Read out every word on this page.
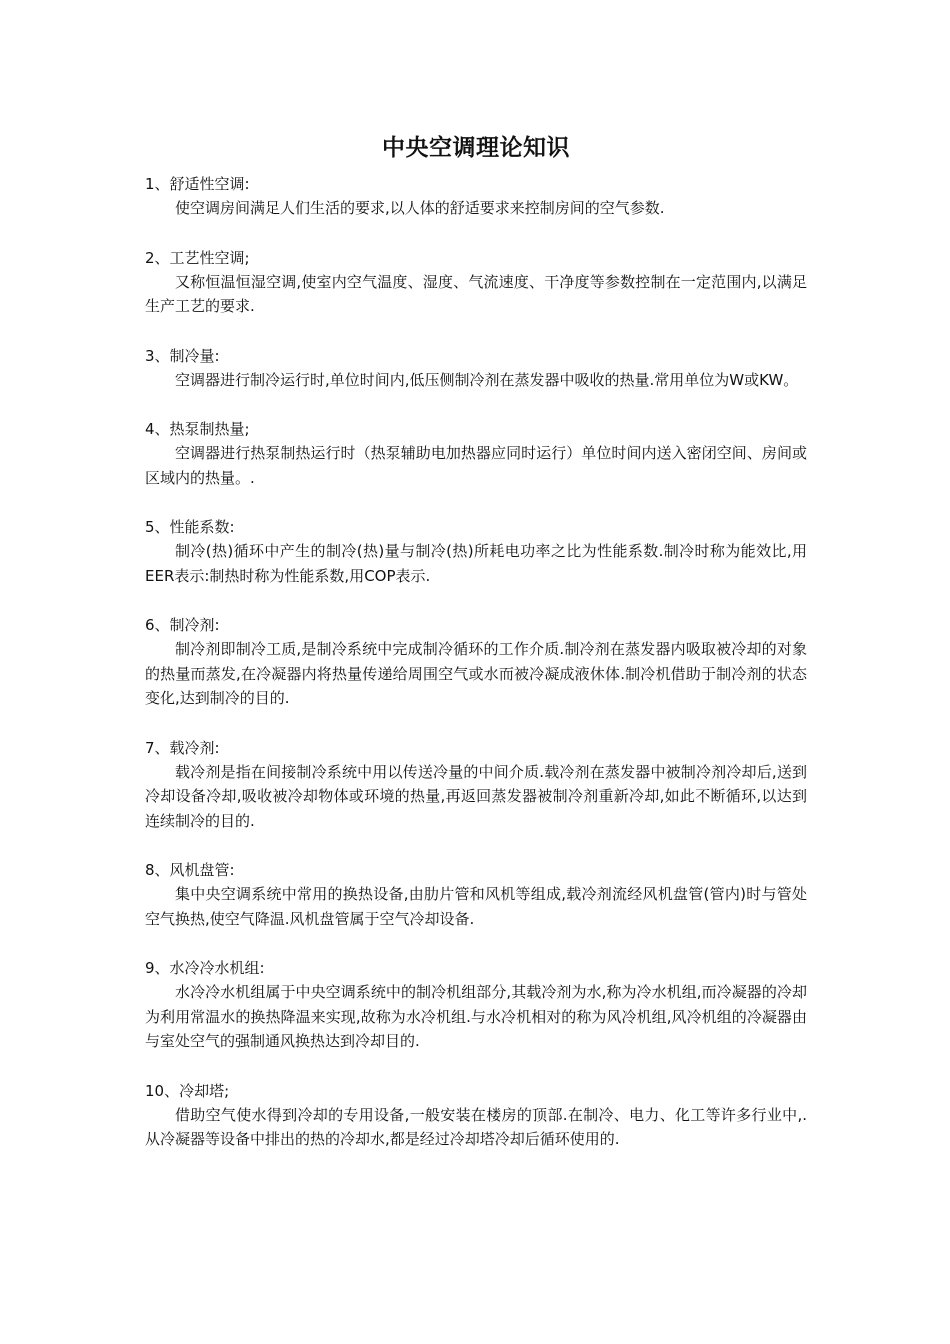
中央空调理论知识
1、舒适性空调:
使空调房间满足人们生活的要求,以人体的舒适要求来控制房间的空气参数.
2、工艺性空调;
又称恒温恒湿空调,使室内空气温度、湿度、气流速度、干净度等参数控制在一定范围内,以满足生产工艺的要求.
3、制冷量:
空调器进行制冷运行时,单位时间内,低压侧制冷剂在蒸发器中吸收的热量.常用单位为W或KW。
4、热泵制热量;
空调器进行热泵制热运行时（热泵辅助电加热器应同时运行）单位时间内送入密闭空间、房间或区域内的热量。.
5、性能系数:
制冷(热)循环中产生的制冷(热)量与制冷(热)所耗电功率之比为性能系数.制冷时称为能效比,用EER表示:制热时称为性能系数,用COP表示.
6、制冷剂:
制冷剂即制冷工质,是制冷系统中完成制冷循环的工作介质.制冷剂在蒸发器内吸取被冷却的对象的热量而蒸发,在冷凝器内将热量传递给周围空气或水而被冷凝成液休体.制冷机借助于制冷剂的状态变化,达到制冷的目的.
7、载冷剂:
载冷剂是指在间接制冷系统中用以传送冷量的中间介质.载冷剂在蒸发器中被制冷剂冷却后,送到冷却设备冷却,吸收被冷却物体或环境的热量,再返回蒸发器被制冷剂重新冷却,如此不断循环,以达到连续制冷的目的.
8、风机盘管:
集中央空调系统中常用的换热设备,由肋片管和风机等组成,载冷剂流经风机盘管(管内)时与管处空气换热,使空气降温.风机盘管属于空气冷却设备.
9、水冷冷水机组:
水冷冷水机组属于中央空调系统中的制冷机组部分,其载冷剂为水,称为冷水机组,而冷凝器的冷却为利用常温水的换热降温来实现,故称为水冷机组.与水冷机相对的称为风冷机组,风冷机组的冷凝器由与室处空气的强制通风换热达到冷却目的.
10、冷却塔;
借助空气使水得到冷却的专用设备,一般安装在楼房的顶部.在制冷、电力、化工等许多行业中,.从冷凝器等设备中排出的热的冷却水,都是经过冷却塔冷却后循环使用的.
